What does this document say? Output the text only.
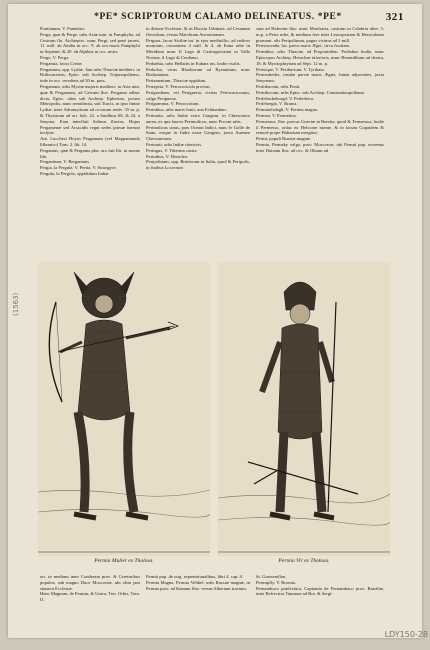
*PE* SCRIPTORUM CALAMO DELINEATUS. *PE*	321

Pontianum. V. Pantalaer.

Perga, quæ & Perge, urbs Asiæ min. in Pamphylia, ad Cestrum flu. Archiepisc. nunc Pergi, sed penè jacent, 11. mill. ab Attalia in occ. 9. ab ora maris Pamphylii in Septentr. & 20. ab Alpibus in occ. æstiv.

Perge, V. Perga.

Pergamia, locus Cretæ.

Pergamum, opp. Lydiæ. Jam urbs Thraciæ mediterr. in Brilissarensis, Episc. sub Archiep. Trajanopolitano, inde in occ. recedens ad 30 m. pass.

Pergamum, urbs Mysiæ majoris mediterr. in Asia min. quæ & Pergamum, ad Caicum fluv. Pergamo adhuc dicta, Episc. olim sub Archiep. Ephesino, postea Metropolis, nunc semidiruta, sub Turcis, in ipso limite Lydiæ, inter Adramyttium ad occasum æstiv. 35 m. p. & Thyatiram ad ort. hyb. 22. a Sardibus 66. & 24. a Smyrna. Eam interfluit Selinus fluvius. Hujus Pergamenæ sed Arsacidis regni sedes primæ fuerunt inclytæ.

Ant. Lucchesi Hoyos Pergamum (vel Mappamundo lifbonico) Tom. 2. lib. 14.

Pergamus, quæ & Pergama plur. arx fuit Ilii, in monte Ida.

Pergantium, V. Bergamum.

Pergia, la Pergula. V. Pertia, V. Strongyre.

Pergula, la Pergola, oppidulum Italiæ

in ditione Ecclesiæ, & in Ducatu Urbinate, ad Cesanum fluviolum, versus Marchiam Anconitanam.

Pergusa, lacus Siciliæ int. in ejus meditullio, ad radices montium, circumtem 4 mill. & 4. ab Enna urbe in Meridiem nunc Il Lago di Castrogiovanni in Valle Noxina, il Lago di Cerdiano.

Perhæbia, urbs Helladis in Eubœa ins. hodie exolis.

Perholsa, vicus Rhodiorum ad Byzantium, nunc Rodasiatum.

Periamentum, Thraciæ oppidum.

Periapeta, V. Petrocoricula provinc.

Perigordium, vel Perigueria, civitas Petrocoricorum, valgo Perigueux.

Perigramma, V. Petrocorium.

Perinthus, urbs maris Ionii, una Echinadum.

Perimula, urbs Indiæ extra Gangem, in Chersoneso aurea, ex qua fauces Perimulicus, nunc Poconi urbs.

Perimulicus sinus, pars Oceani Indici, nunc le Golfe de Siam, eisque in India extra Gangem, juxta Auream Chersonesum.

Perinarii, urbs Indiæ citerioris.

Peringus, V. Tiberina castra.

Perinthus, V. Heraclea.

Peripolinum, opp. Brutiorum in Italia, quod & Peripolis, in finibus Locrorum

sum ad Halecem fluv. nunc Monlsaria, castrum in Calabria ulter. 3. m.p. a Petra urbe, & medium fere inter Leucopetram & Heraculeum promont. alis Peripolinum, pagus vicinus ad 3 mill.

Peristacenda, lac. parva maris Ægei, circa Jocalam.

Perinthus, urbs Thraciæ, ad Propontidem. Perlisbus hodie, nunc Episcopos Archiep. Heracleæ inferioris, nunc Heramlibum ad dextra, 18. & Myrtiophrytum ad Sept. 12 m. p.

Pertsique, V. Peribacium. V. Tyribata.

Pertroshedes, insulæ parvæ maris Ægæi, Juniæ adjacentes, juxta Smyrnam.

Perttibacum, urbs Ponti.

Perttibocum, urbs Episc. sub Archiep. Constantinopolitana.

Perlebacheborgd. V. Perlerbera.

Perlebergia. V. Brunsi.

Permatolsdegh, V. Permia magna.

Permea, V. Permetiua.

Permessus, fluv. parvus Græciæ in Bœotia, quod & Termessus, hodie il Permesso, oritur ex Helicone monte, & in lacum Copaidem & remotè prope Haliartum mergitur.

Permi, populi Russiæ magnæ.

Permia, Permsky valgo, prov. Moscoviæ, ubi Permii pop. extremis inter Duinam fluv. ad occ. & Obium ad

Permia Mulier ex Tholosa.	Permia Vir ex Tholosa.

ort. in medium inter Conderam prov. & Ceretrnibus populos, sub magno Duce Moscoviæ, ubi olim jam sinnacu Ecclesiæ.

Hanc Magnam, de Permia, & Unica, Terr. Orbis, Tom. II.

Permii pop. de orig. septentrionalibus, libri 4. cap. 8.

Permia Magna, Permia Velikel, urbs Russiæ magnæ, in Permia prov. ad Kamam fluv. versus Siberiam tractum.

St. Grasserellon.

Permipfly, V. Bromia.

Pernambuco præfectura, Capitania de Pernambuco prov. Brasiliæ, inter Refrectras Taumare ad Bor. & Sergi-

(1563)
LDY150-28
